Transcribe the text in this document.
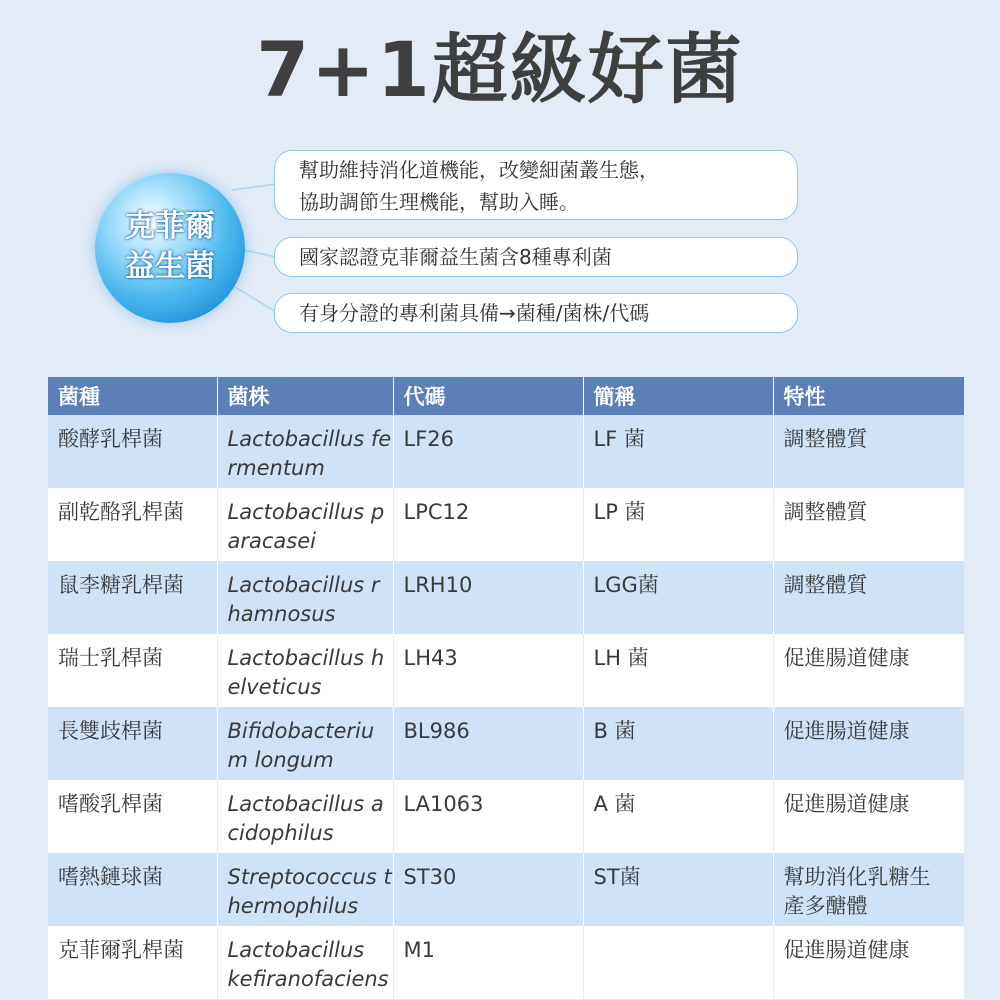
7+1超級好菌
克菲爾
益生菌
幫助維持消化道機能，改變細菌叢生態，
協助調節生理機能，幫助入睡。
國家認證克菲爾益生菌含8種專利菌
有身分證的專利菌具備→菌種/菌株/代碼
菌種	菌株	代碼	簡稱	特性
酸酵乳桿菌	Lactobacillus fermentum	LF26	LF 菌	調整體質
副乾酪乳桿菌	Lactobacillus paracasei	LPC12	LP 菌	調整體質
鼠李糖乳桿菌	Lactobacillus rhamnosus	LRH10	LGG菌	調整體質
瑞士乳桿菌	Lactobacillus helveticus	LH43	LH 菌	促進腸道健康
長雙歧桿菌	Bifidobacterium longum	BL986	B 菌	促進腸道健康
嗜酸乳桿菌	Lactobacillus acidophilus	LA1063	A 菌	促進腸道健康
嗜熱鏈球菌	Streptococcus thermophilus	ST30	ST菌	幫助消化乳糖生產多醣體
克菲爾乳桿菌	Lactobacillus kefiranofaciens	M1		促進腸道健康
